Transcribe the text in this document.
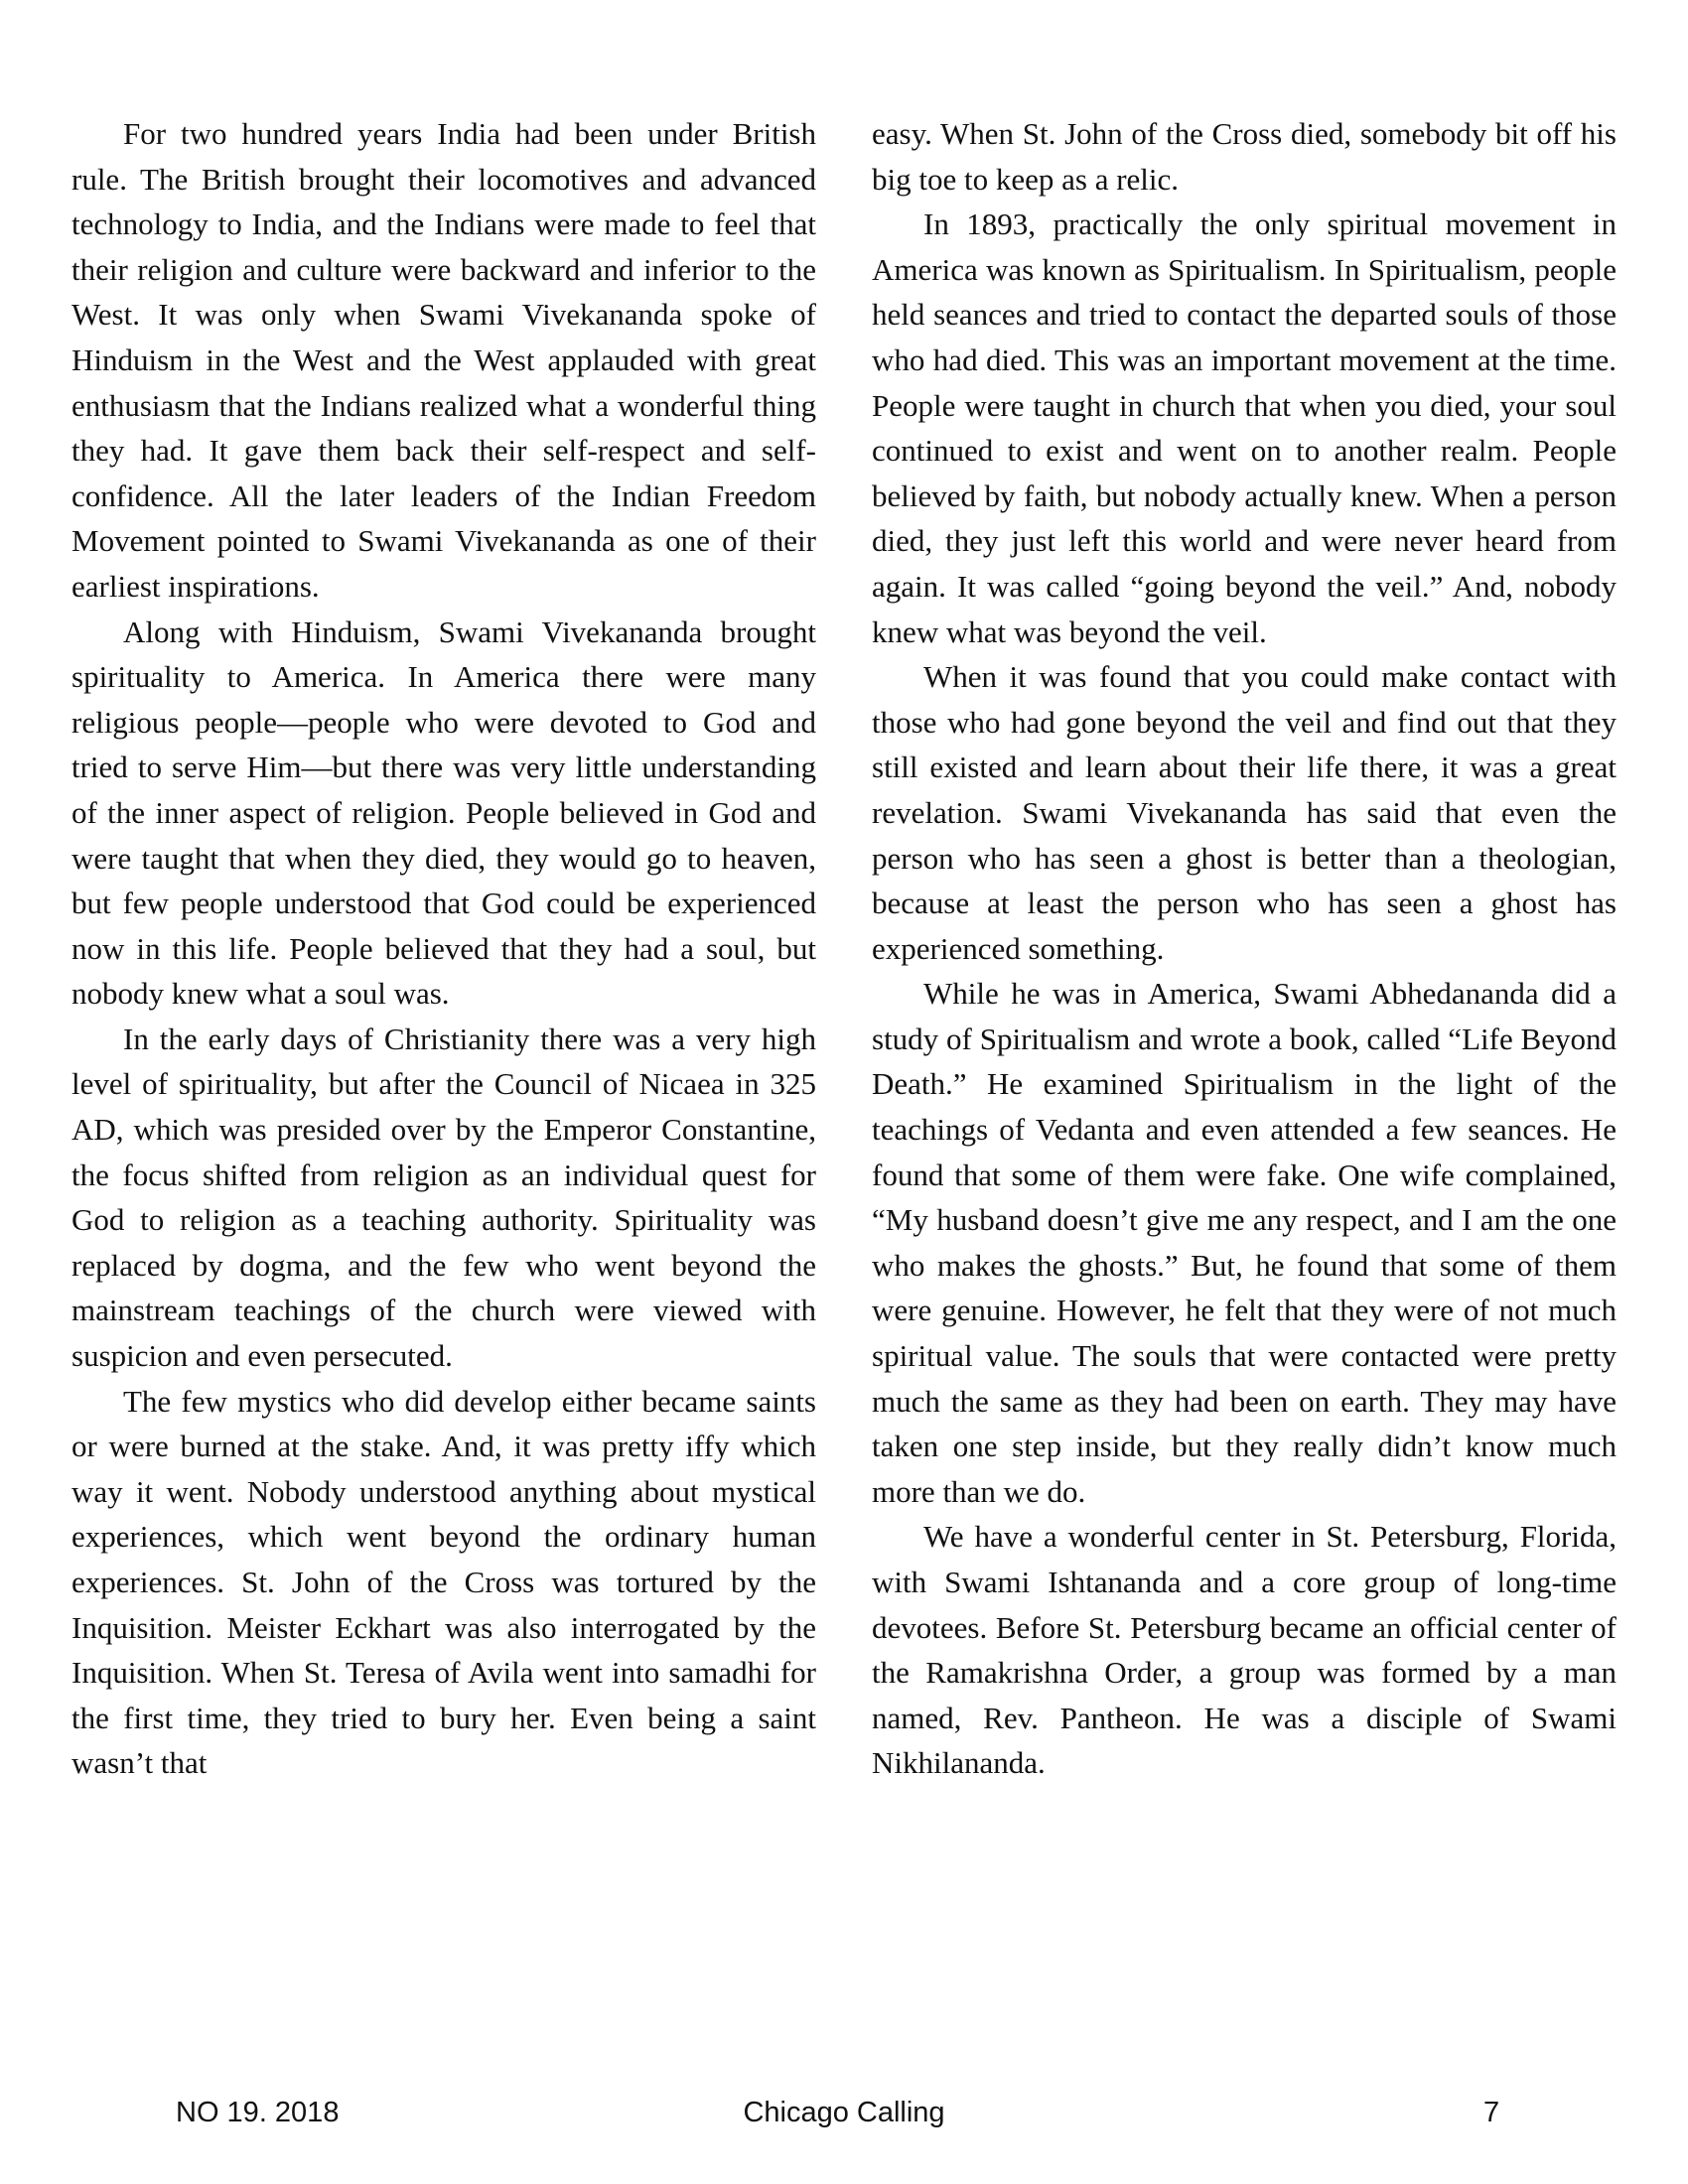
For two hundred years India had been under British rule. The British brought their locomotives and advanced technology to India, and the Indians were made to feel that their religion and culture were backward and inferior to the West. It was only when Swami Vivekananda spoke of Hinduism in the West and the West applauded with great enthusiasm that the Indians realized what a wonderful thing they had. It gave them back their self-respect and self-confidence. All the later leaders of the Indian Freedom Movement pointed to Swami Vivekananda as one of their earliest inspirations.

Along with Hinduism, Swami Vivekananda brought spirituality to America. In America there were many religious people—people who were devoted to God and tried to serve Him—but there was very little understanding of the inner aspect of religion. People believed in God and were taught that when they died, they would go to heaven, but few people understood that God could be experienced now in this life. People believed that they had a soul, but nobody knew what a soul was.

In the early days of Christianity there was a very high level of spirituality, but after the Council of Nicaea in 325 AD, which was presided over by the Emperor Constantine, the focus shifted from religion as an individual quest for God to religion as a teaching authority. Spirituality was replaced by dogma, and the few who went beyond the mainstream teachings of the church were viewed with suspicion and even persecuted.

The few mystics who did develop either became saints or were burned at the stake. And, it was pretty iffy which way it went. Nobody understood anything about mystical experiences, which went beyond the ordinary human experiences. St. John of the Cross was tortured by the Inquisition. Meister Eckhart was also interrogated by the Inquisition. When St. Teresa of Avila went into samadhi for the first time, they tried to bury her. Even being a saint wasn’t that

easy. When St. John of the Cross died, somebody bit off his big toe to keep as a relic.

In 1893, practically the only spiritual movement in America was known as Spiritualism. In Spiritualism, people held seances and tried to contact the departed souls of those who had died. This was an important movement at the time. People were taught in church that when you died, your soul continued to exist and went on to another realm. People believed by faith, but nobody actually knew. When a person died, they just left this world and were never heard from again. It was called “going beyond the veil.” And, nobody knew what was beyond the veil.

When it was found that you could make contact with those who had gone beyond the veil and find out that they still existed and learn about their life there, it was a great revelation. Swami Vivekananda has said that even the person who has seen a ghost is better than a theologian, because at least the person who has seen a ghost has experienced something.

While he was in America, Swami Abhedananda did a study of Spiritualism and wrote a book, called “Life Beyond Death.” He examined Spiritualism in the light of the teachings of Vedanta and even attended a few seances. He found that some of them were fake. One wife complained, “My husband doesn’t give me any respect, and I am the one who makes the ghosts.” But, he found that some of them were genuine. However, he felt that they were of not much spiritual value. The souls that were contacted were pretty much the same as they had been on earth. They may have taken one step inside, but they really didn’t know much more than we do.

We have a wonderful center in St. Petersburg, Florida, with Swami Ishtananda and a core group of long-time devotees. Before St. Petersburg became an official center of the Ramakrishna Order, a group was formed by a man named, Rev. Pantheon. He was a disciple of Swami Nikhilananda.

NO 19. 2018	Chicago Calling	7
